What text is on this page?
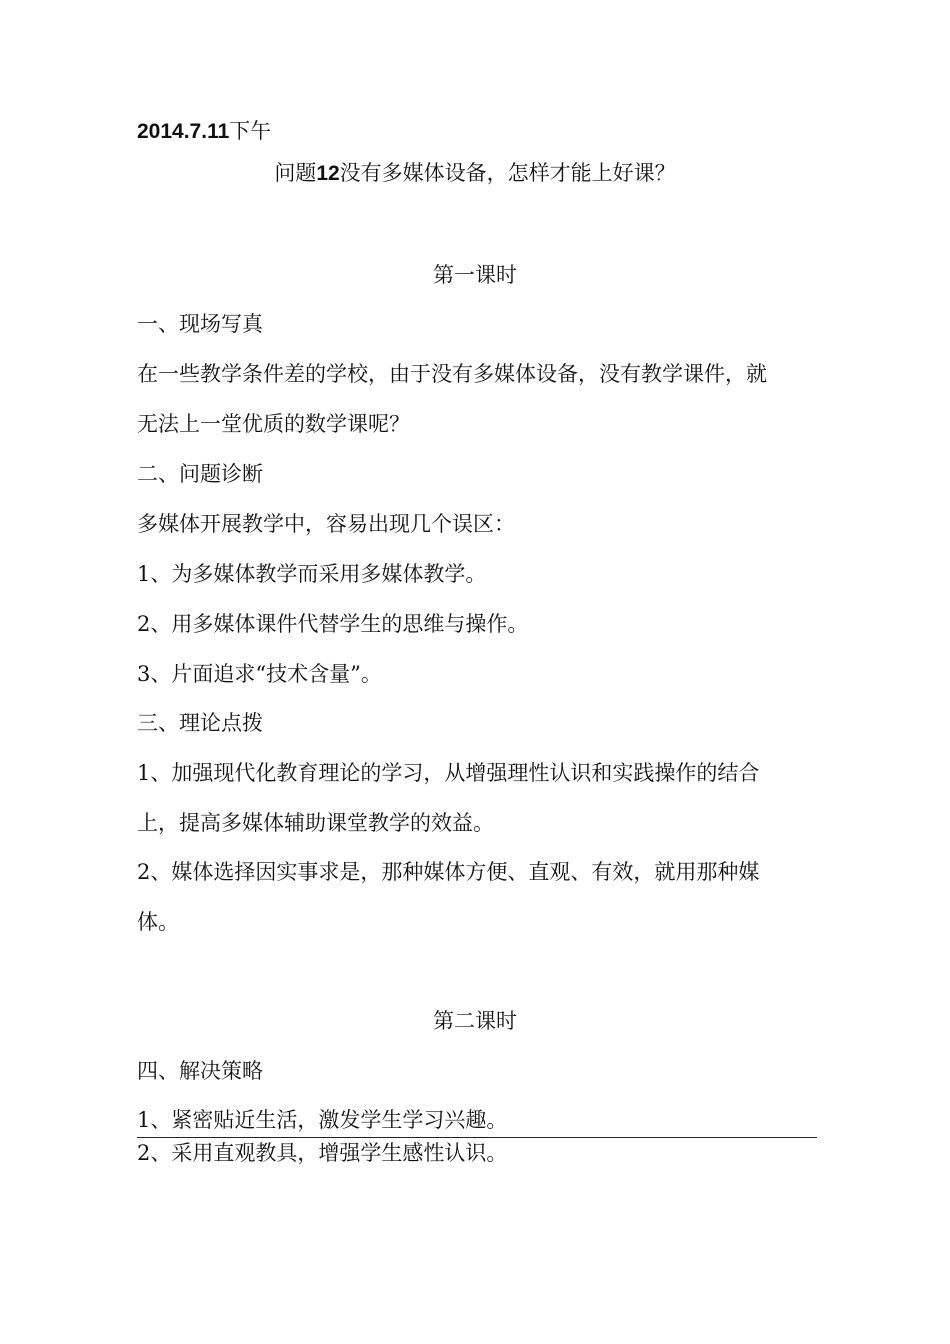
2014.7.11下午
问题12没有多媒体设备，怎样才能上好课？
第一课时
一、现场写真
在一些教学条件差的学校，由于没有多媒体设备，没有教学课件，就
无法上一堂优质的数学课呢？
二、问题诊断
多媒体开展教学中，容易出现几个误区：
1、为多媒体教学而采用多媒体教学。
2、用多媒体课件代替学生的思维与操作。
3、片面追求“技术含量”。
三、理论点拨
1、加强现代化教育理论的学习，从增强理性认识和实践操作的结合
上，提高多媒体辅助课堂教学的效益。
2、媒体选择因实事求是，那种媒体方便、直观、有效，就用那种媒
体。
第二课时
四、解决策略
1、紧密贴近生活，激发学生学习兴趣。
2、采用直观教具，增强学生感性认识。
